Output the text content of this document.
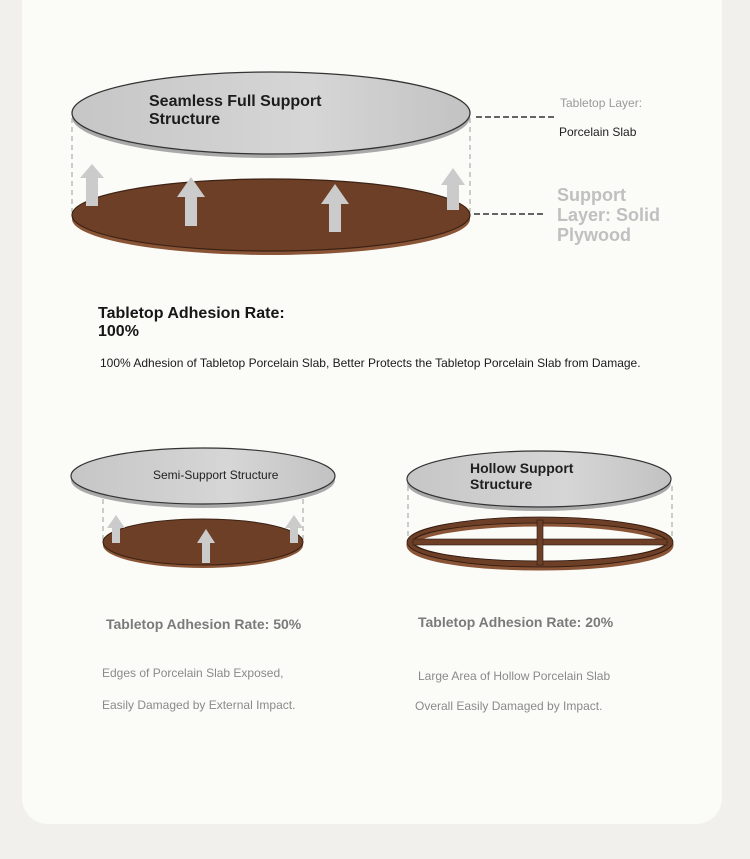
Seamless Full Support Structure

Tabletop Layer:

Porcelain Slab

Support Layer: Solid Plywood

Tabletop Adhesion Rate: 100%

100% Adhesion of Tabletop Porcelain Slab, Better Protects the Tabletop Porcelain Slab from Damage.

Semi-Support Structure	Hollow Support Structure

Tabletop Adhesion Rate: 50%	Tabletop Adhesion Rate: 20%

Edges of Porcelain Slab Exposed,

Easily Damaged by External Impact.

Large Area of Hollow Porcelain Slab

Overall Easily Damaged by Impact.
